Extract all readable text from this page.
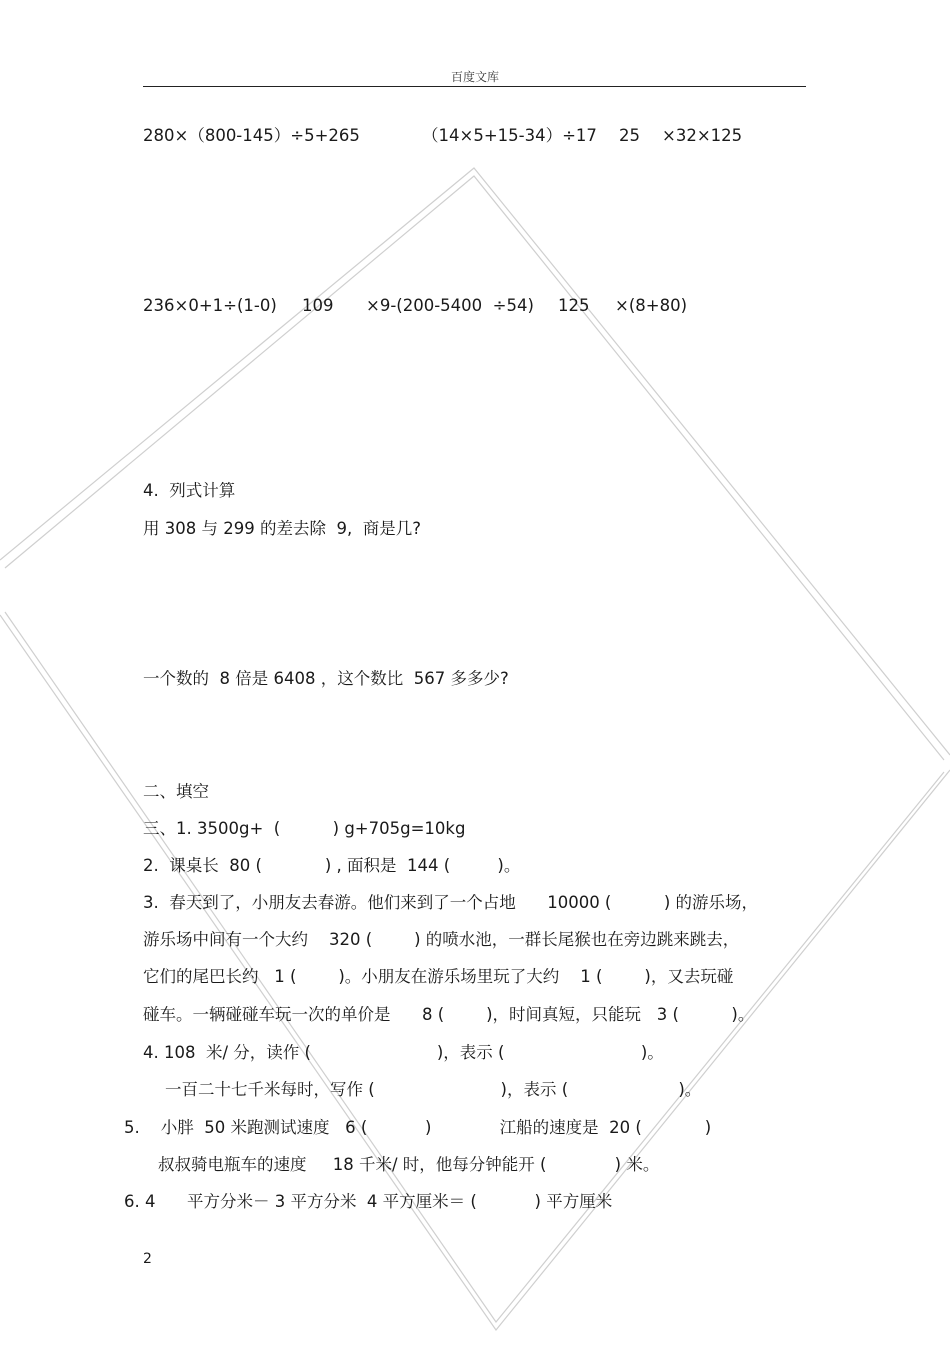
百度文库
280×（800-145）÷5+265	（14×5+15-34）÷17 25 ×32×125
236×0+1÷(1-0) 109 ×9-(200-5400  ÷54) 125 ×(8+80)
4.  列式计算
用 308 与 299 的差去除  9,  商是几?
一个数的  8 倍是 6408 ，这个数比  567 多多少?
二、填空
三、1. 3500g+  (          ) g+705g=10kg
2.  课桌长  80 (            ) , 面积是  144 (         )。
3.  春天到了，小朋友去春游。他们来到了一个占地      10000 (          ) 的游乐场，
游乐场中间有一个大约    320 (        ) 的喷水池，一群长尾猴也在旁边跳来跳去，
它们的尾巴长约   1 (        )。小朋友在游乐场里玩了大约    1 (        )，又去玩碰
碰车。一辆碰碰车玩一次的单价是      8 (        )，时间真短，只能玩   3 (          )。
4. 108  米/ 分，读作 (                        )，表示 (                          )。
一百二十七千米每时，写作 (                        )，表示 (                     )。
5.    小胖  50 米跑测试速度   6 (           )             江船的速度是  20 (            )
叔叔骑电瓶车的速度     18 千米/ 时，他每分钟能开 (             ) 米。
6. 4      平方分米－ 3 平方分米  4 平方厘米＝ (           ) 平方厘米
2
